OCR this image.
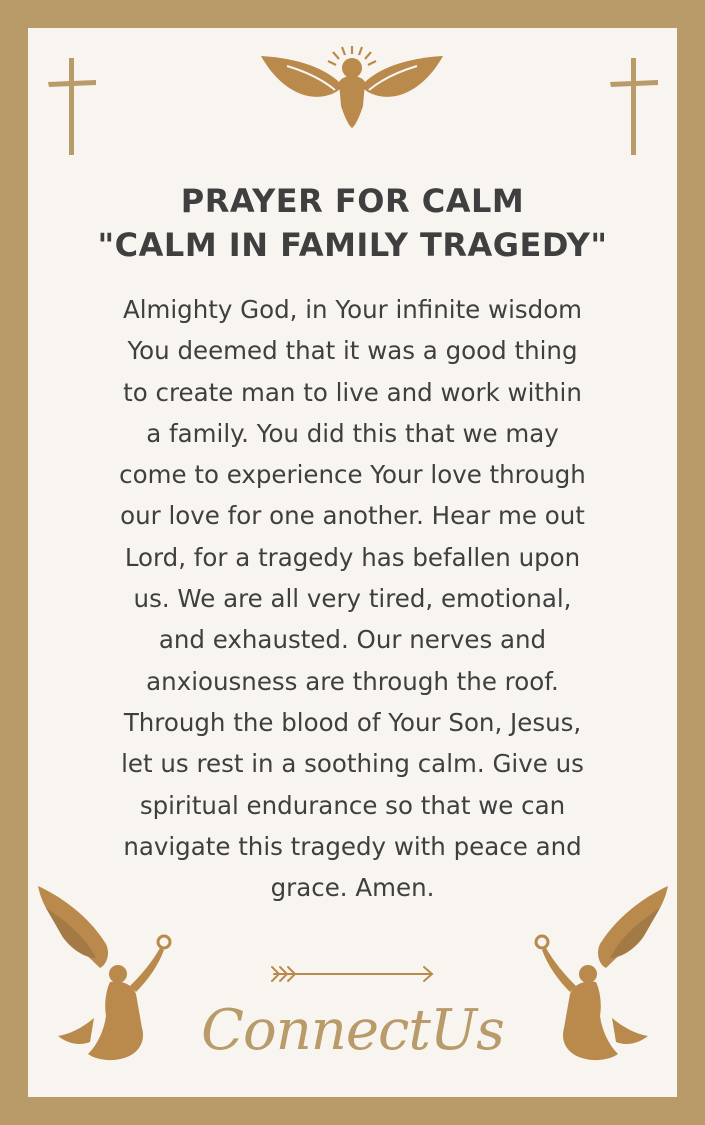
PRAYER FOR CALM
"CALM IN FAMILY TRAGEDY"
Almighty God, in Your infinite wisdom
You deemed that it was a good thing
to create man to live and work within
a family. You did this that we may
come to experience Your love through
our love for one another. Hear me out
Lord, for a tragedy has befallen upon
us. We are all very tired, emotional,
and exhausted. Our nerves and
anxiousness are through the roof.
Through the blood of Your Son, Jesus,
let us rest in a soothing calm. Give us
spiritual endurance so that we can
navigate this tragedy with peace and
grace. Amen.
ConnectUs
